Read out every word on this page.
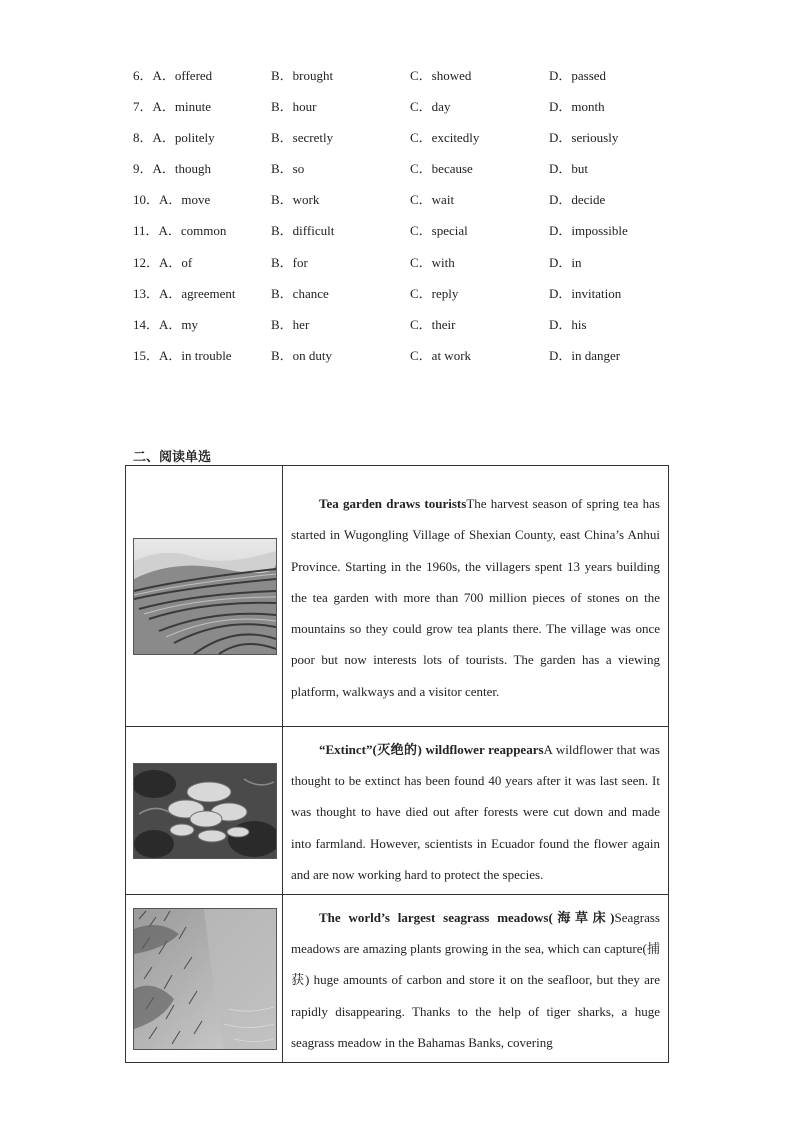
6．A．offered	B．brought	C．showed	D．passed
7．A．minute	B．hour	C．day	D．month
8．A．politely	B．secretly	C．excitedly	D．seriously
9．A．though	B．so	C．because	D．but
10．A．move	B．work	C．wait	D．decide
11．A．common	B．difficult	C．special	D．impossible
12．A．of	B．for	C．with	D．in
13．A．agreement	B．chance	C．reply	D．invitation
14．A．my	B．her	C．their	D．his
15．A．in trouble	B．on duty	C．at work	D．in danger
二、阅读单选

Tea garden draws touristsThe harvest season of spring tea has started in Wugongling Village of Shexian County, east China’s Anhui Province. Starting in the 1960s, the villagers spent 13 years building the tea garden with more than 700 million pieces of stones on the mountains so they could grow tea plants there. The village was once poor but now interests lots of tourists. The garden has a viewing platform, walkways and a visitor center.

“Extinct”(灭绝的) wildflower reappearsA wildflower that was thought to be extinct has been found 40 years after it was last seen. It was thought to have died out after forests were cut down and made into farmland. However, scientists in Ecuador found the flower again and are now working hard to protect the species.

The world’s largest seagrass meadows(海草床)Seagrass meadows are amazing plants growing in the sea, which can capture(捕获) huge amounts of carbon and store it on the seafloor, but they are rapidly disappearing. Thanks to the help of tiger sharks, a huge seagrass meadow in the Bahamas Banks, covering
